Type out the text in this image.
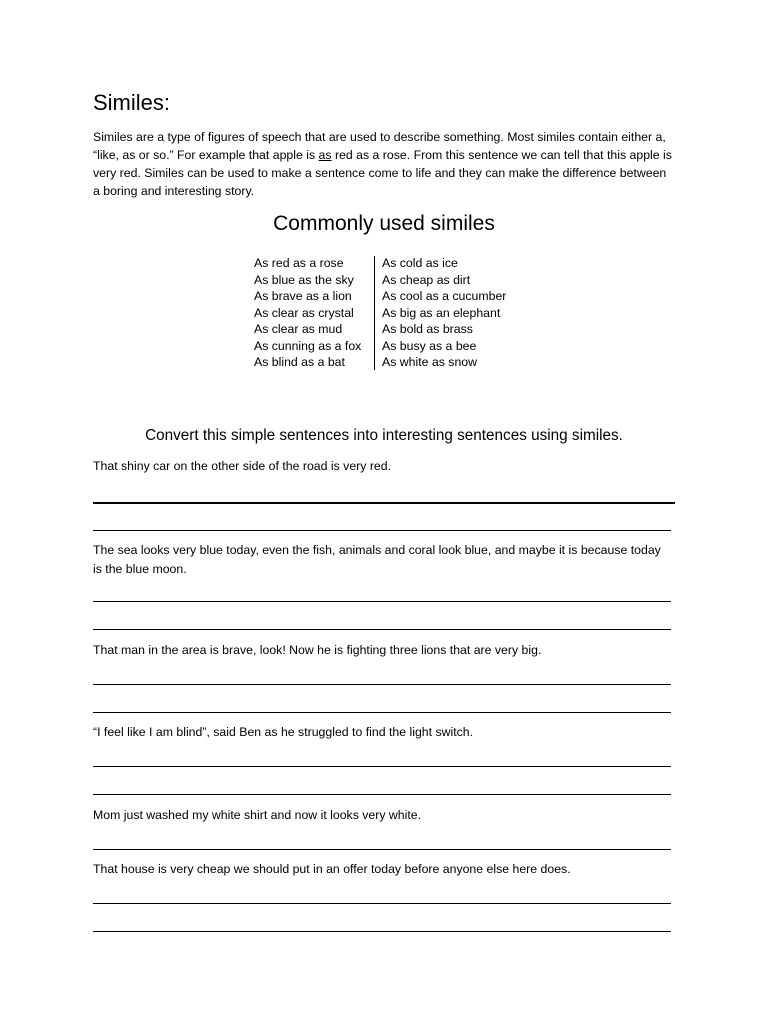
Similes:

Similes are a type of figures of speech that are used to describe something. Most similes contain either a, “like, as or so.” For example that apple is as red as a rose. From this sentence we can tell that this apple is very red. Similes can be used to make a sentence come to life and they can make the difference between a boring and interesting story.

Commonly used similes
As red as a rose
As blue as the sky
As brave as a lion
As clear as crystal
As clear as mud
As cunning as a fox
As blind as a bat
As cold as ice
As cheap as dirt
As cool as a cucumber
As big as an elephant
As bold as brass
As busy as a bee
As white as snow
Convert this simple sentences into interesting sentences using similes.

That shiny car on the other side of the road is very red.

The sea looks very blue today, even the fish, animals and coral look blue, and maybe it is because today is the blue moon.

That man in the area is brave, look! Now he is fighting three lions that are very big.

“I feel like I am blind”, said Ben as he struggled to find the light switch.

Mom just washed my white shirt and now it looks very white.

That house is very cheap we should put in an offer today before anyone else here does.
